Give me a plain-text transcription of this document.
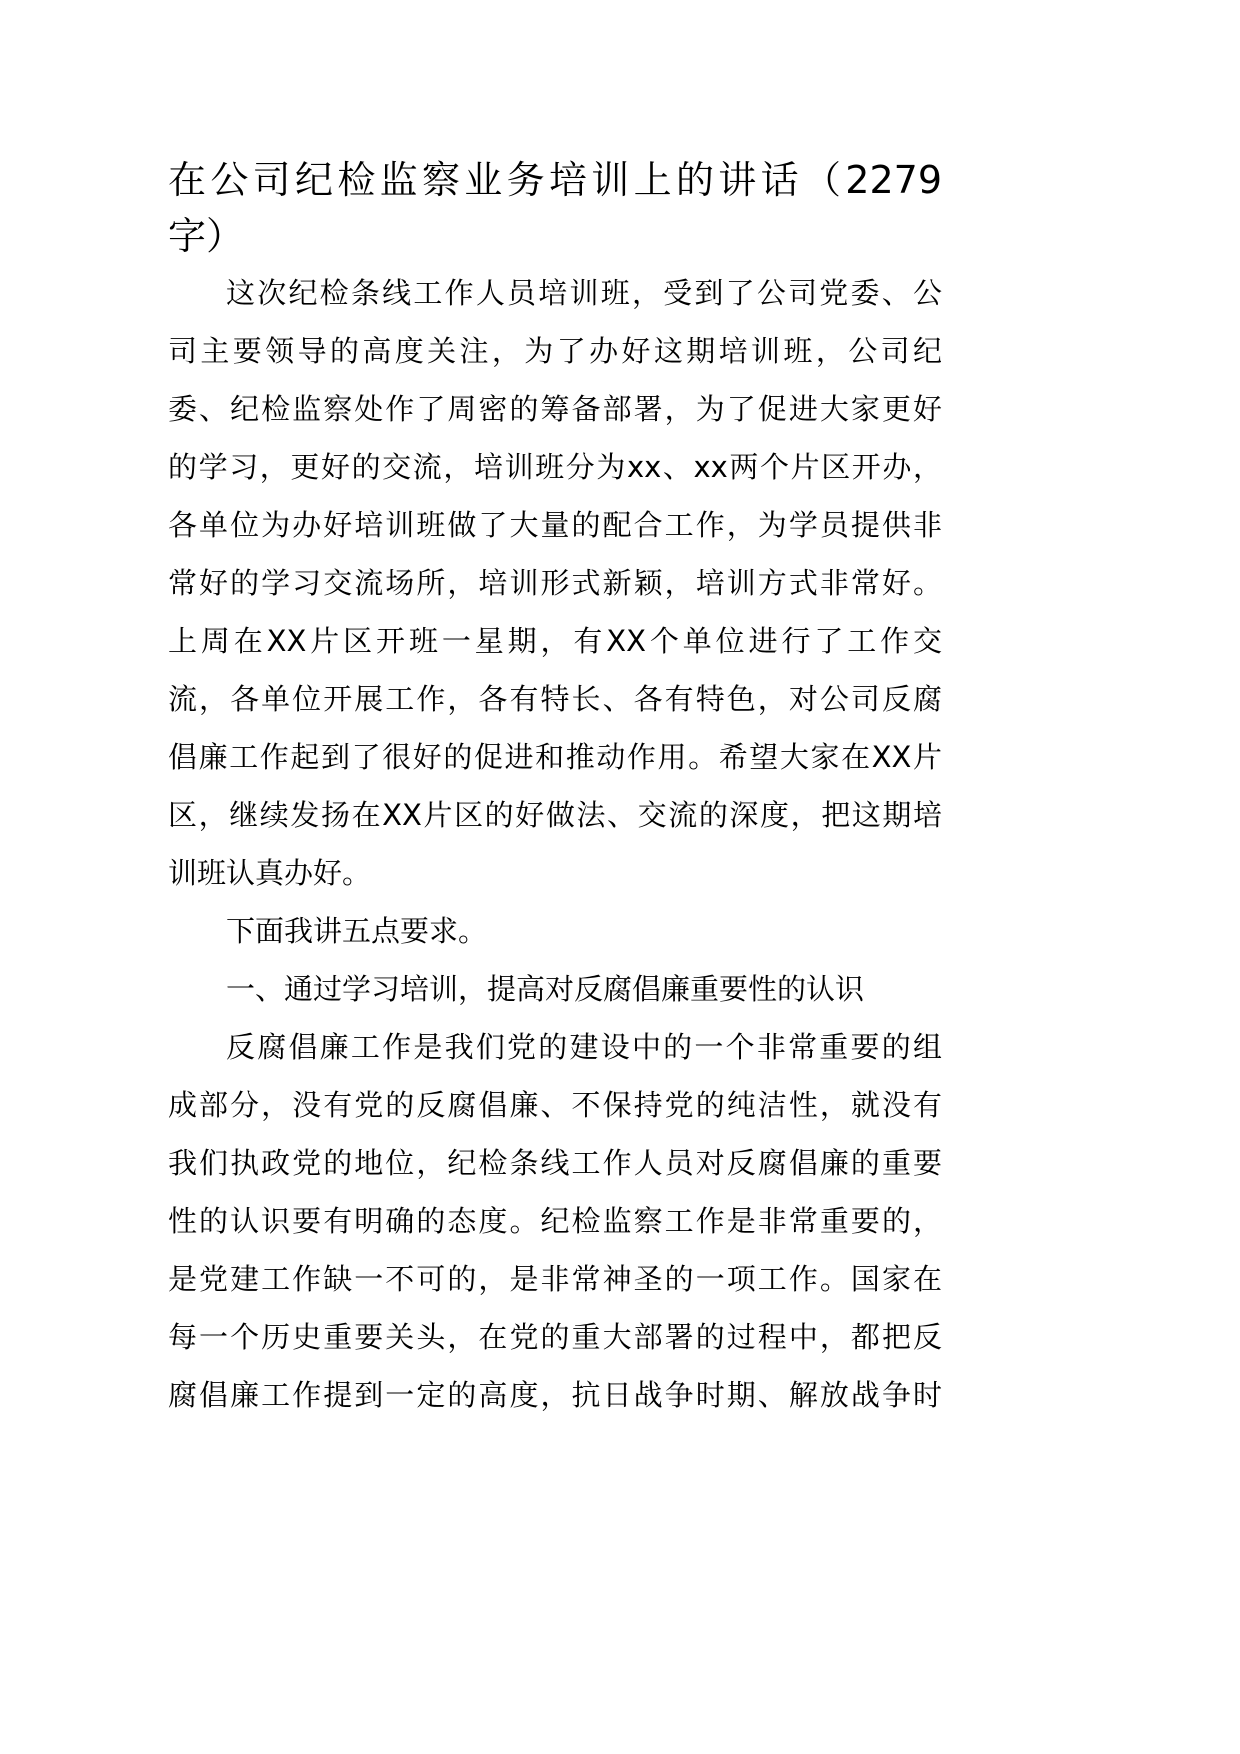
在公司纪检监察业务培训上的讲话（2279
字）
这次纪检条线工作人员培训班，受到了公司党委、公
司主要领导的高度关注，为了办好这期培训班，公司纪
委、纪检监察处作了周密的筹备部署，为了促进大家更好
的学习，更好的交流，培训班分为xx、xx两个片区开办，
各单位为办好培训班做了大量的配合工作，为学员提供非
常好的学习交流场所，培训形式新颖，培训方式非常好。
上周在XX片区开班一星期，有XX个单位进行了工作交
流，各单位开展工作，各有特长、各有特色，对公司反腐
倡廉工作起到了很好的促进和推动作用。希望大家在XX片
区，继续发扬在XX片区的好做法、交流的深度，把这期培
训班认真办好。
下面我讲五点要求。
一、通过学习培训，提高对反腐倡廉重要性的认识
反腐倡廉工作是我们党的建设中的一个非常重要的组
成部分，没有党的反腐倡廉、不保持党的纯洁性，就没有
我们执政党的地位，纪检条线工作人员对反腐倡廉的重要
性的认识要有明确的态度。纪检监察工作是非常重要的，
是党建工作缺一不可的，是非常神圣的一项工作。国家在
每一个历史重要关头，在党的重大部署的过程中，都把反
腐倡廉工作提到一定的高度，抗日战争时期、解放战争时
